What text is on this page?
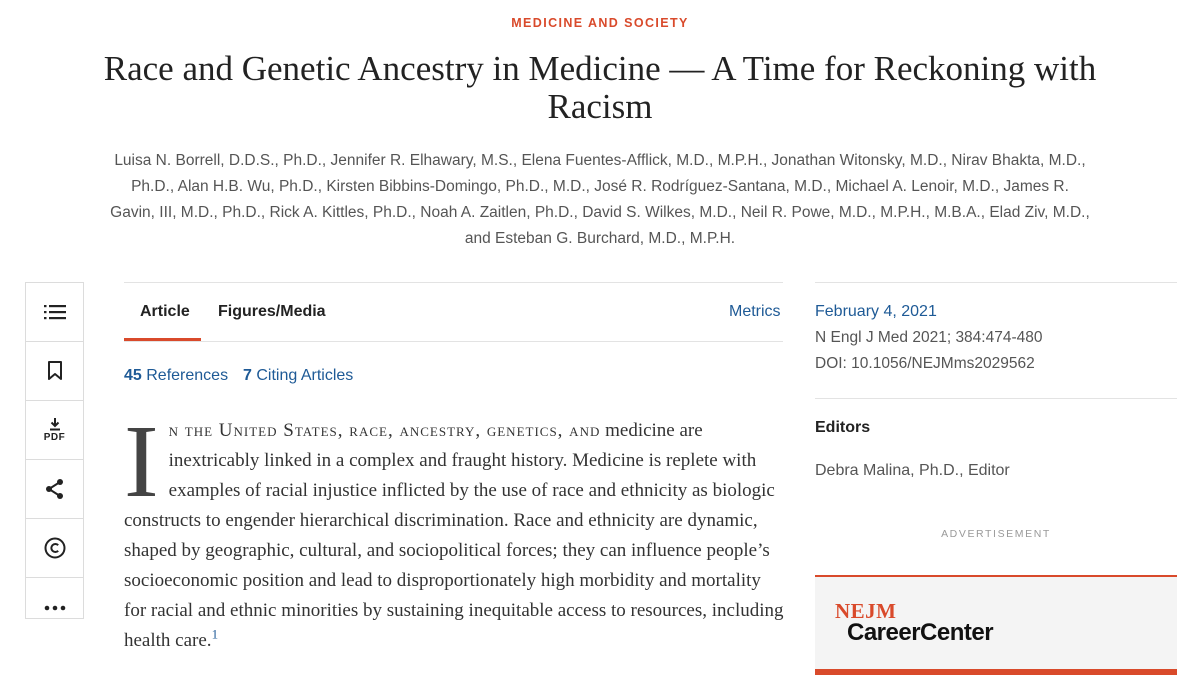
MEDICINE AND SOCIETY
Race and Genetic Ancestry in Medicine — A Time for Reckoning with Racism
Luisa N. Borrell, D.D.S., Ph.D., Jennifer R. Elhawary, M.S., Elena Fuentes-Afflick, M.D., M.P.H., Jonathan Witonsky, M.D., Nirav Bhakta, M.D., Ph.D., Alan H.B. Wu, Ph.D., Kirsten Bibbins-Domingo, Ph.D., M.D., José R. Rodríguez-Santana, M.D., Michael A. Lenoir, M.D., James R. Gavin, III, M.D., Ph.D., Rick A. Kittles, Ph.D., Noah A. Zaitlen, Ph.D., David S. Wilkes, M.D., Neil R. Powe, M.D., M.P.H., M.B.A., Elad Ziv, M.D., and Esteban G. Burchard, M.D., M.P.H.
PDF
Article Figures/Media	Metrics
45 References 7 Citing Articles
In the United States, race, ancestry, genetics, and medicine are inextricably linked in a complex and fraught history. Medicine is replete with examples of racial injustice inflicted by the use of race and ethnicity as biologic constructs to engender hierarchical discrimination. Race and ethnicity are dynamic, shaped by geographic, cultural, and sociopolitical forces; they can influence people’s socioeconomic position and lead to disproportionately high morbidity and mortality for racial and ethnic minorities by sustaining inequitable access to resources, including health care.$^1$
February 4, 2021
N Engl J Med 2021; 384:474-480
DOI: 10.1056/NEJMms2029562
Editors
Debra Malina, Ph.D., Editor
ADVERTISEMENT
NEJM
CareerCenter
